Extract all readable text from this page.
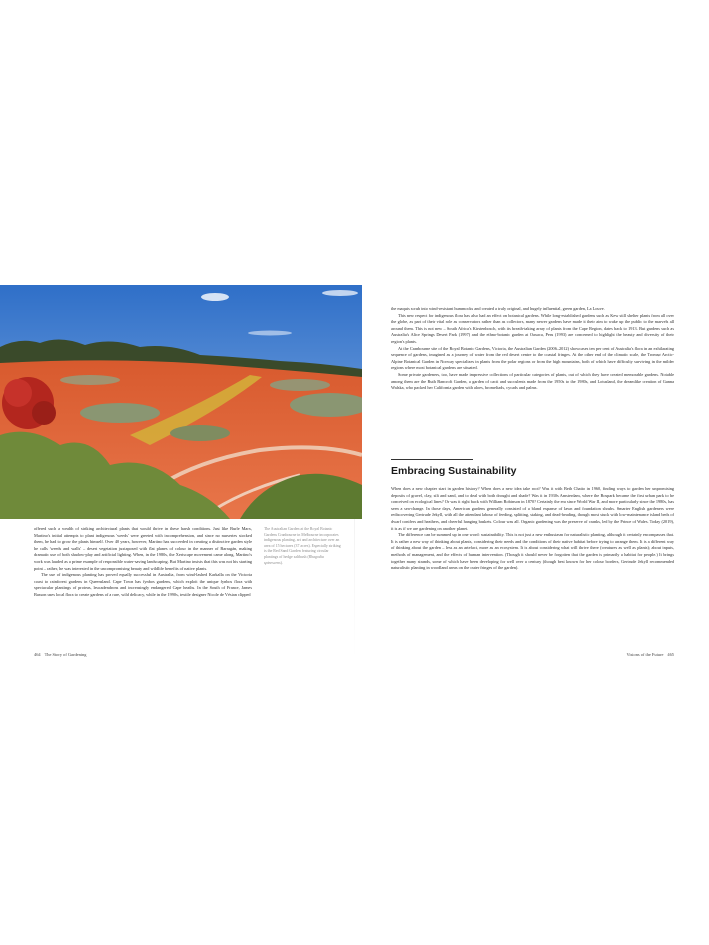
offered such a wealth of striking architectural plants that would thrive in these harsh conditions. Just like Burle Marx, Martino's initial attempts to plant indigenous 'weeds' were greeted with incomprehension, and since no nurseries stocked them, he had to grow the plants himself. Over 40 years, however, Martino has succeeded in creating a distinctive garden style he calls 'weeds and walls' – desert vegetation juxtaposed with flat planes of colour in the manner of Barragán, making dramatic use of both shadow-play and artificial lighting. When, in the 1980s, the Xeriscape movement came along, Martino's work was lauded as a prime example of responsible water-saving landscaping. But Martino insists that this was not his starting point – rather, he was interested in the uncompromising beauty and wildlife benefits of native plants.

The use of indigenous planting has proved equally successful in Australia, from wind-lashed Karkalla on the Victoria coast to rainforest gardens in Queensland. Cape Town has fynbos gardens, which exploit the unique fynbos flora with spectacular plantings of proteas, leucadendrons and increasingly endangered Cape heaths. In the South of France, James Basson uses local flora to create gardens of a rare, wild delicacy, while in the 1990s, textile designer Nicole de Vésian clipped

The Australian Garden at the Royal Botanic Gardens Cranbourne in Melbourne incorporates indigenous planting, art and architecture over an area of 15 hectares (37 acres). Especially striking is the Red Sand Garden featuring circular plantings of hedge saltbush (Rhagodia spinescens).
464 The Story of Gardening

the maquis scrub into wind-resistant hummocks and created a truly original, and hugely influential, green garden, La Louve.

This new respect for indigenous flora has also had an effect on botanical gardens. While long-established gardens such as Kew still shelter plants from all over the globe, as part of their vital role as conservators rather than as collectors, many newer gardens have made it their aim to wake up the public to the marvels all around them. This is not new – South Africa's Kirstenbosch, with its breath-taking array of plants from the Cape Region, dates back to 1913. But gardens such as Australia's Alice Springs Desert Park (1997) and the ethno-botanic garden at Oaxaca, Peru (1993) are concerned to highlight the beauty and diversity of their region's plants.

At the Cranbourne site of the Royal Botanic Gardens, Victoria, the Australian Garden (2006–2012) showcases ten per cent of Australia's flora in an exhilarating sequence of gardens, imagined as a journey of water from the red desert centre to the coastal fringes. At the other end of the climatic scale, the Tromsø Arctic-Alpine Botanical Garden in Norway specializes in plants from the polar regions or from the high mountains, both of which have difficulty surviving in the milder regions where most botanical gardens are situated.

Some private gardeners, too, have made impressive collections of particular categories of plants, out of which they have created memorable gardens. Notable among them are the Ruth Bancroft Garden, a garden of cacti and succulents made from the 1950s to the 1980s, and Lotusland, the dreamlike creation of Ganna Walska, who packed her California garden with aloes, bromeliads, cycads and palms.

Embracing Sustainability

When does a new chapter start in garden history? When does a new idea take root? Was it with Beth Chatto in 1960, finding ways to garden her unpromising deposits of gravel, clay, silt and sand, and to deal with both drought and shade? Was it in 1930s Amsterdam, where the Bospark became the first urban park to be conceived on ecological lines? Or was it right back with William Robinson in 1870? Certainly the era since World War II, and more particularly since the 1980s, has seen a sea-change. In those days, American gardens generally consisted of a bland expanse of lawn and foundation shrubs. Smarter English gardeners were rediscovering Gertrude Jekyll, with all the attendant labour of feeding, splitting, staking, and dead-heading, though most stuck with low-maintenance island beds of dwarf conifers and heathers, and cheerful hanging baskets. Colour was all. Organic gardening was the preserve of cranks, led by the Prince of Wales. Today (2019), it is as if we are gardening on another planet.

The difference can be summed up in one word: sustainability. This is not just a new enthusiasm for naturalistic planting, although it certainly encompasses that. It is rather a new way of thinking about plants, considering their needs and the conditions of their native habitat before trying to arrange them. It is a different way of thinking about the garden – less as an artefact, more as an ecosystem. It is about considering what will thrive there (creatures as well as plants); about inputs, methods of management, and the effects of human intervention. (Though it should never be forgotten that the garden is primarily a habitat for people.) It brings together many strands, some of which have been developing for well over a century (though best known for her colour borders, Gertrude Jekyll recommended naturalistic planting in woodland areas on the outer fringes of the garden).

Visions of the Future 465
